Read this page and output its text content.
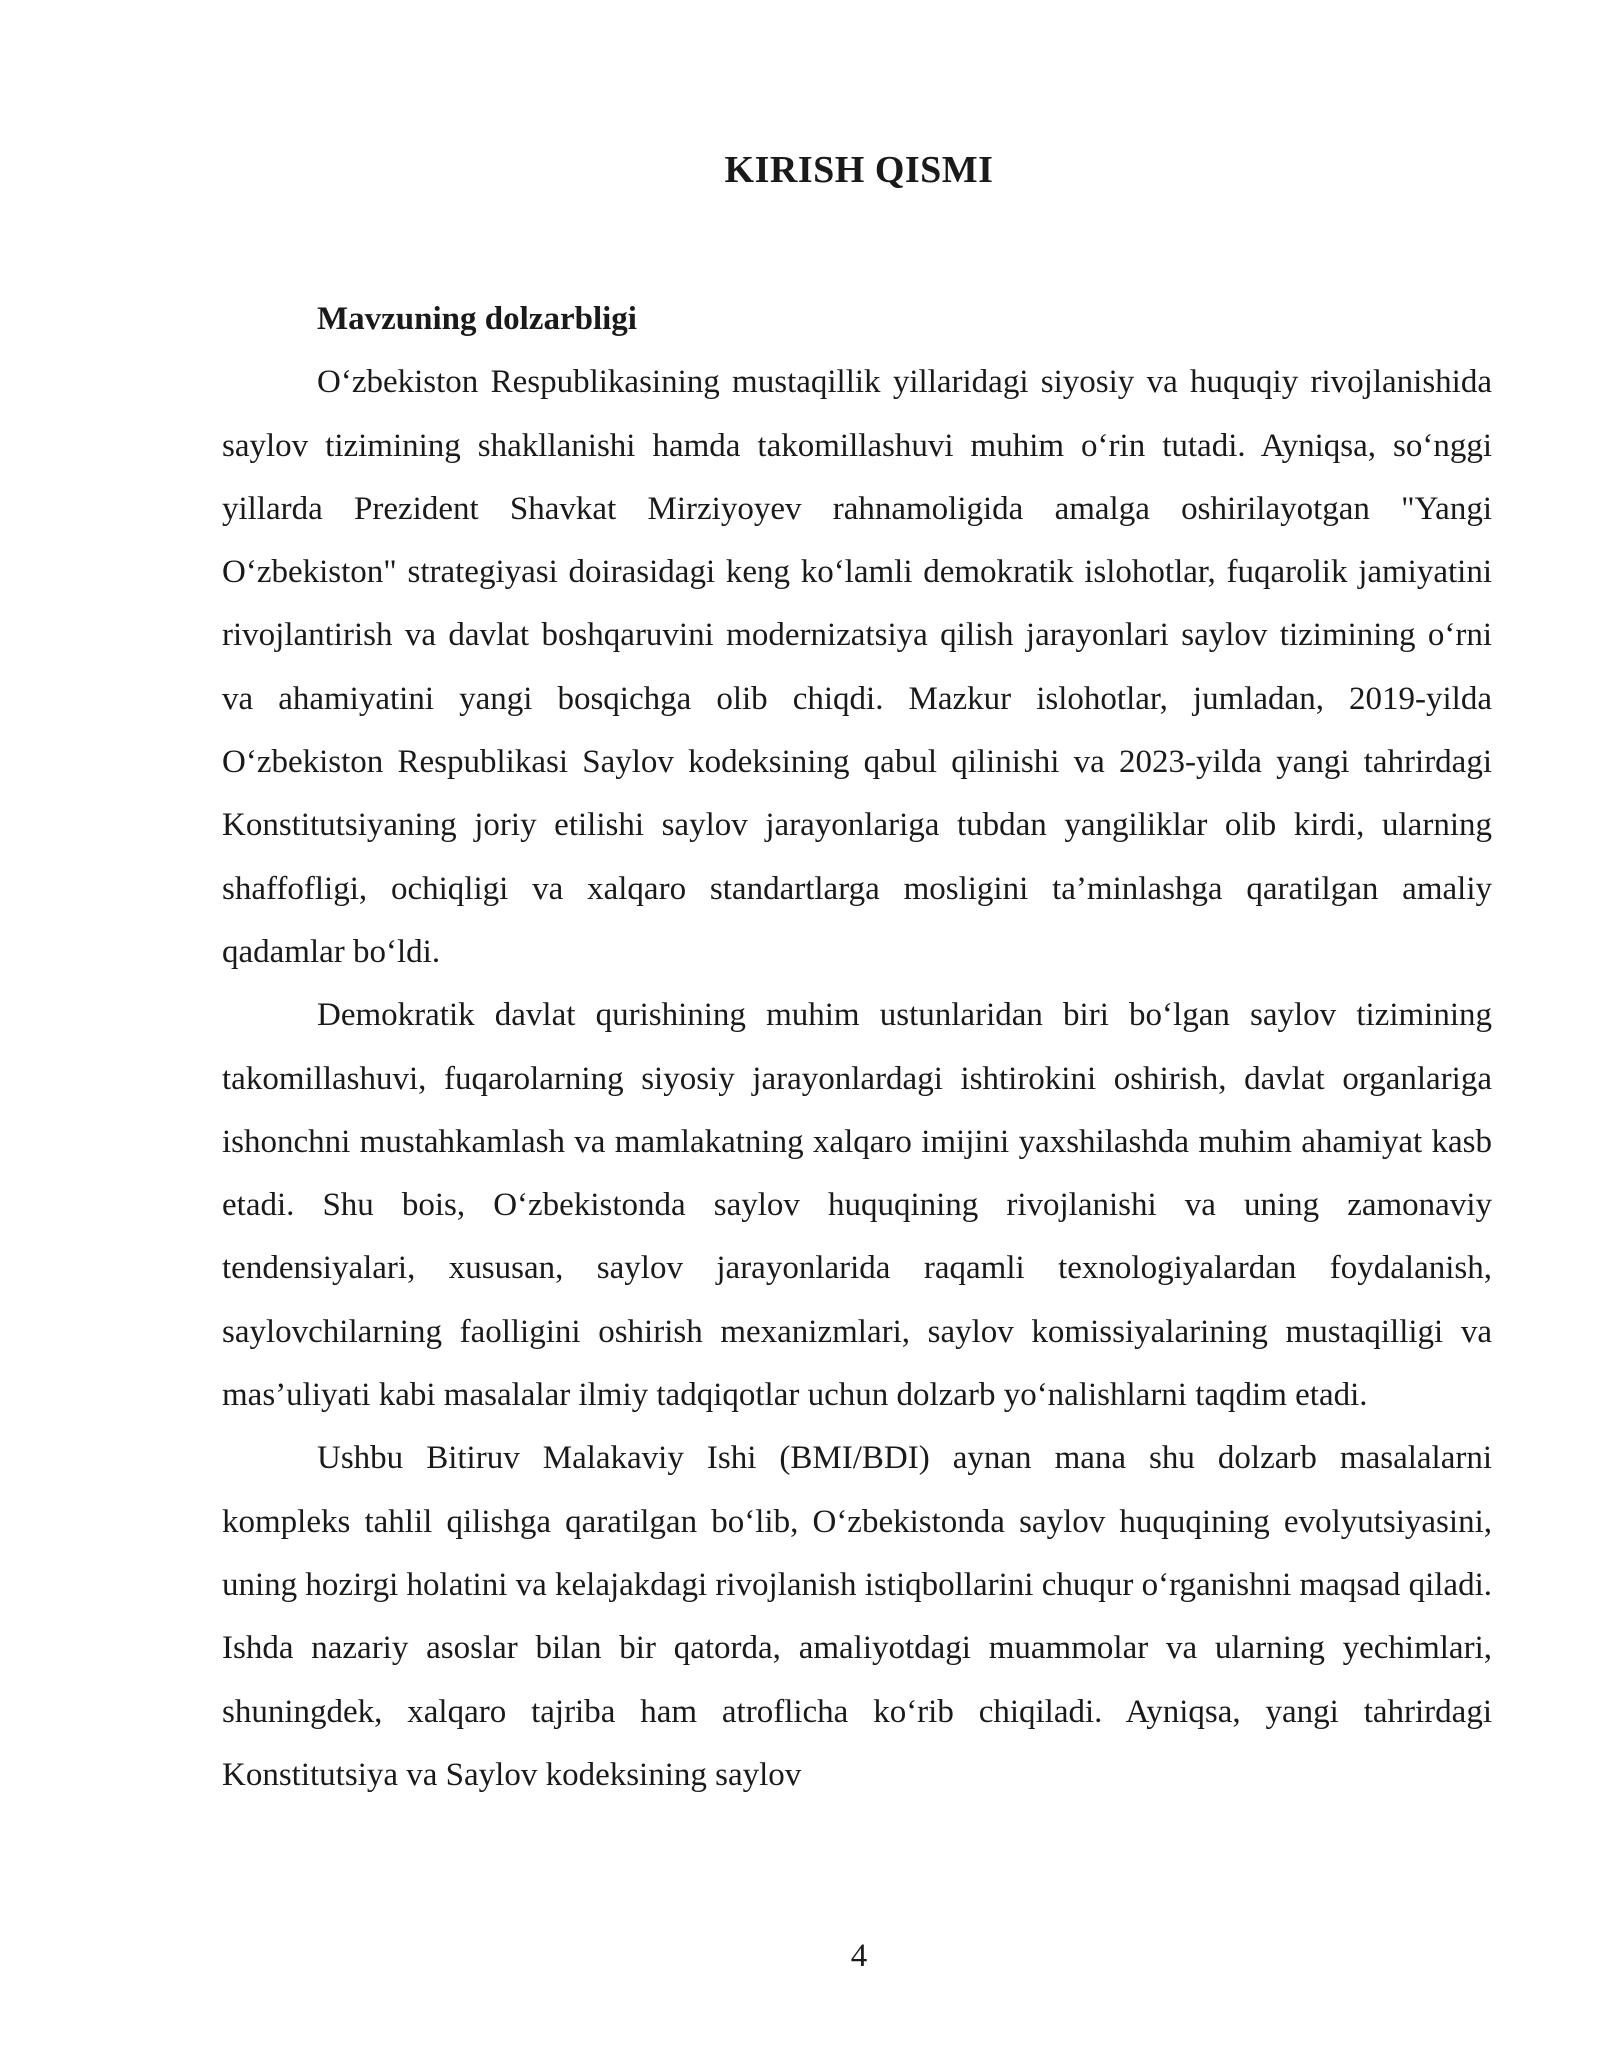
KIRISH QISMI
Mavzuning dolzarbligi

O‘zbekiston Respublikasining mustaqillik yillaridagi siyosiy va huquqiy rivojlanishida saylov tizimining shakllanishi hamda takomillashuvi muhim o‘rin tutadi. Ayniqsa, so‘nggi yillarda Prezident Shavkat Mirziyoyev rahnamoligida amalga oshirilayotgan "Yangi O‘zbekiston" strategiyasi doirasidagi keng ko‘lamli demokratik islohotlar, fuqarolik jamiyatini rivojlantirish va davlat boshqaruvini modernizatsiya qilish jarayonlari saylov tizimining o‘rni va ahamiyatini yangi bosqichga olib chiqdi. Mazkur islohotlar, jumladan, 2019-yilda O‘zbekiston Respublikasi Saylov kodeksining qabul qilinishi va 2023-yilda yangi tahrirdagi Konstitutsiyaning joriy etilishi saylov jarayonlariga tubdan yangiliklar olib kirdi, ularning shaffofligi, ochiqligi va xalqaro standartlarga mosligini ta’minlashga qaratilgan amaliy qadamlar bo‘ldi.

Demokratik davlat qurishining muhim ustunlaridan biri bo‘lgan saylov tizimining takomillashuvi, fuqarolarning siyosiy jarayonlardagi ishtirokini oshirish, davlat organlariga ishonchni mustahkamlash va mamlakatning xalqaro imijini yaxshilashda muhim ahamiyat kasb etadi. Shu bois, O‘zbekistonda saylov huquqining rivojlanishi va uning zamonaviy tendensiyalari, xususan, saylov jarayonlarida raqamli texnologiyalardan foydalanish, saylovchilarning faolligini oshirish mexanizmlari, saylov komissiyalarining mustaqilligi va mas’uliyati kabi masalalar ilmiy tadqiqotlar uchun dolzarb yo‘nalishlarni taqdim etadi.

Ushbu Bitiruv Malakaviy Ishi (BMI/BDI) aynan mana shu dolzarb masalalarni kompleks tahlil qilishga qaratilgan bo‘lib, O‘zbekistonda saylov huquqining evolyutsiyasini, uning hozirgi holatini va kelajakdagi rivojlanish istiqbollarini chuqur o‘rganishni maqsad qiladi. Ishda nazariy asoslar bilan bir qatorda, amaliyotdagi muammolar va ularning yechimlari, shuningdek, xalqaro tajriba ham atroflicha ko‘rib chiqiladi. Ayniqsa, yangi tahrirdagi Konstitutsiya va Saylov kodeksining saylov

4
